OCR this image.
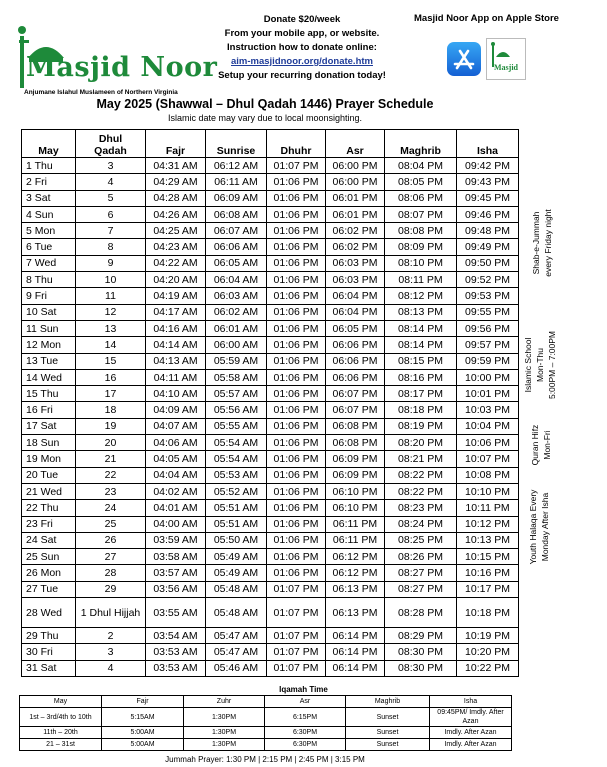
Masjid Noor
Anjumane Islahul Muslameen of Northern Virginia
Donate $20/week
From your mobile app, or website.
Instruction how to donate online:
aim-masjidnoor.org/donate.htm
Setup your recurring donation today!
Masjid Noor App on Apple Store
Masjid
May 2025 (Shawwal – Dhul Qadah 1446) Prayer Schedule
Islamic date may vary due to local moonsighting.
May	Dhul Qadah	Fajr	Sunrise	Dhuhr	Asr	Maghrib	Isha
1 Thu	3	04:31 AM	06:12 AM	01:07 PM	06:00 PM	08:04 PM	09:42 PM
2 Fri	4	04:29 AM	06:11 AM	01:06 PM	06:00 PM	08:05 PM	09:43 PM
3 Sat	5	04:28 AM	06:09 AM	01:06 PM	06:01 PM	08:06 PM	09:45 PM
4 Sun	6	04:26 AM	06:08 AM	01:06 PM	06:01 PM	08:07 PM	09:46 PM
5 Mon	7	04:25 AM	06:07 AM	01:06 PM	06:02 PM	08:08 PM	09:48 PM
6 Tue	8	04:23 AM	06:06 AM	01:06 PM	06:02 PM	08:09 PM	09:49 PM
7 Wed	9	04:22 AM	06:05 AM	01:06 PM	06:03 PM	08:10 PM	09:50 PM
8 Thu	10	04:20 AM	06:04 AM	01:06 PM	06:03 PM	08:11 PM	09:52 PM
9 Fri	11	04:19 AM	06:03 AM	01:06 PM	06:04 PM	08:12 PM	09:53 PM
10 Sat	12	04:17 AM	06:02 AM	01:06 PM	06:04 PM	08:13 PM	09:55 PM
11 Sun	13	04:16 AM	06:01 AM	01:06 PM	06:05 PM	08:14 PM	09:56 PM
12 Mon	14	04:14 AM	06:00 AM	01:06 PM	06:06 PM	08:14 PM	09:57 PM
13 Tue	15	04:13 AM	05:59 AM	01:06 PM	06:06 PM	08:15 PM	09:59 PM
14 Wed	16	04:11 AM	05:58 AM	01:06 PM	06:06 PM	08:16 PM	10:00 PM
15 Thu	17	04:10 AM	05:57 AM	01:06 PM	06:07 PM	08:17 PM	10:01 PM
16 Fri	18	04:09 AM	05:56 AM	01:06 PM	06:07 PM	08:18 PM	10:03 PM
17 Sat	19	04:07 AM	05:55 AM	01:06 PM	06:08 PM	08:19 PM	10:04 PM
18 Sun	20	04:06 AM	05:54 AM	01:06 PM	06:08 PM	08:20 PM	10:06 PM
19 Mon	21	04:05 AM	05:54 AM	01:06 PM	06:09 PM	08:21 PM	10:07 PM
20 Tue	22	04:04 AM	05:53 AM	01:06 PM	06:09 PM	08:22 PM	10:08 PM
21 Wed	23	04:02 AM	05:52 AM	01:06 PM	06:10 PM	08:22 PM	10:10 PM
22 Thu	24	04:01 AM	05:51 AM	01:06 PM	06:10 PM	08:23 PM	10:11 PM
23 Fri	25	04:00 AM	05:51 AM	01:06 PM	06:11 PM	08:24 PM	10:12 PM
24 Sat	26	03:59 AM	05:50 AM	01:06 PM	06:11 PM	08:25 PM	10:13 PM
25 Sun	27	03:58 AM	05:49 AM	01:06 PM	06:12 PM	08:26 PM	10:15 PM
26 Mon	28	03:57 AM	05:49 AM	01:06 PM	06:12 PM	08:27 PM	10:16 PM
27 Tue	29	03:56 AM	05:48 AM	01:07 PM	06:13 PM	08:27 PM	10:17 PM
28 Wed	1 Dhul Hijjah	03:55 AM	05:48 AM	01:07 PM	06:13 PM	08:28 PM	10:18 PM
29 Thu	2	03:54 AM	05:47 AM	01:07 PM	06:14 PM	08:29 PM	10:19 PM
30 Fri	3	03:53 AM	05:47 AM	01:07 PM	06:14 PM	08:30 PM	10:20 PM
31 Sat	4	03:53 AM	05:46 AM	01:07 PM	06:14 PM	08:30 PM	10:22 PM
Shab-e-Jummah every Friday night
Islamic School Mon-Thu 5:00PM – 7:00PM
Quran Hifz Mon-Fri
Youth Halaqa Every Monday After Isha
Iqamah Time
May	Fajr	Zuhr	Asr	Maghrib	Isha
1st – 3rd/4th to 10th	5:15AM	1:30PM	6:15PM	Sunset	09:45PM/ Imdly. After Azan
11th – 20th	5:00AM	1:30PM	6:30PM	Sunset	Imdly. After Azan
21 – 31st	5:00AM	1:30PM	6:30PM	Sunset	Imdly. After Azan
Jummah Prayer: 1:30 PM | 2:15 PM | 2:45 PM | 3:15 PM
